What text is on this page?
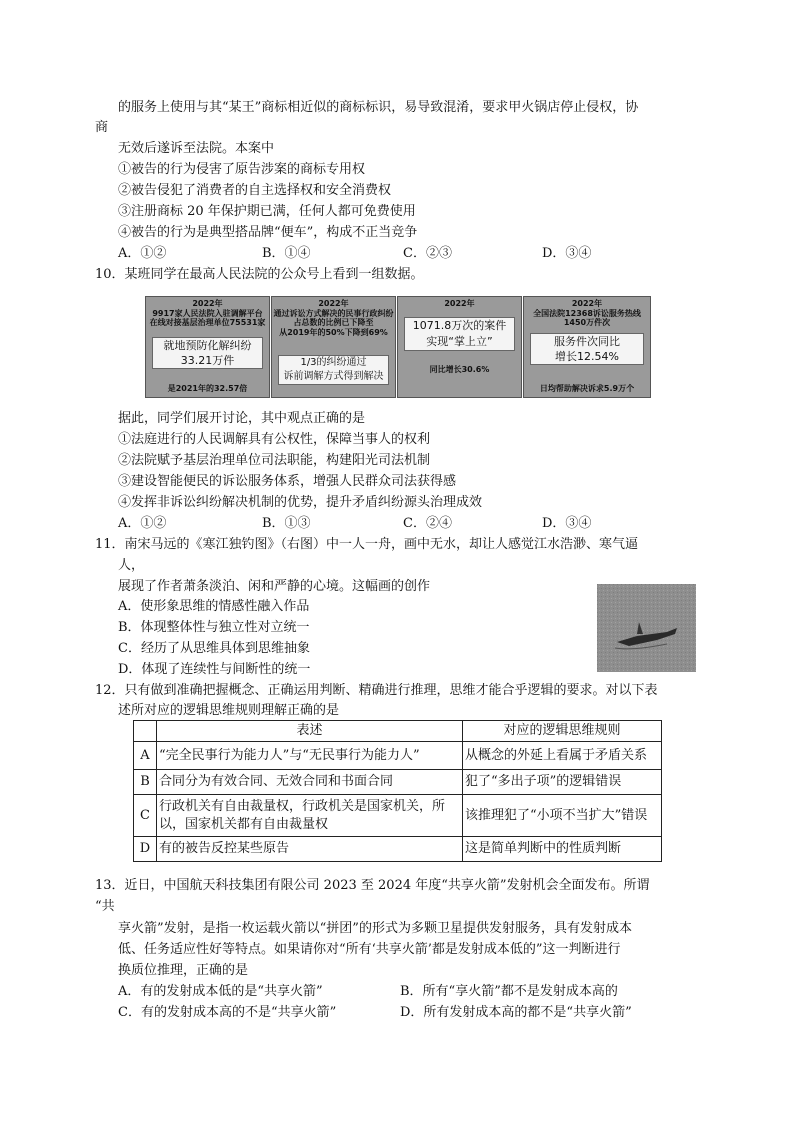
的服务上使用与其“某王”商标相近似的商标标识，易导致混淆，要求甲火锅店停止侵权，协
商
无效后遂诉至法院。本案中
①被告的行为侵害了原告涉案的商标专用权
②被告侵犯了消费者的自主选择权和安全消费权
③注册商标 20 年保护期已满，任何人都可免费使用
④被告的行为是典型搭品牌“便车”，构成不正当竞争
A．①②	B．①④	C．②③	D．③④
10．某班同学在最高人民法院的公众号上看到一组数据。
2022年
9917家人民法院入驻调解平台
在线对接基层治理单位75531家
就地预防化解纠纷
33.21万件
是2021年的32.57倍
2022年
通过诉讼方式解决的民事行政纠纷
占总数的比例已下降至
从2019年的50%下降到69%
1/3的纠纷通过
诉前调解方式得到解决
2022年
1071.8万次的案件
实现“掌上立”
同比增长30.6%
2022年
全国法院12368诉讼服务热线
1450万件次
服务件次同比
增长12.54%
日均帮助解决诉求5.9万个
据此，同学们展开讨论，其中观点正确的是
①法庭进行的人民调解具有公权性，保障当事人的权利
②法院赋予基层治理单位司法职能，构建阳光司法机制
③建设智能便民的诉讼服务体系，增强人民群众司法获得感
④发挥非诉讼纠纷解决机制的优势，提升矛盾纠纷源头治理成效
A．①②	B．①③	C．②④	D．③④
11．南宋马远的《寒江独钓图》（右图）中一人一舟，画中无水，却让人感觉江水浩渺、寒气逼
人，
展现了作者萧条淡泊、闲和严静的心境。这幅画的创作
A．使形象思维的情感性融入作品
B．体现整体性与独立性对立统一
C．经历了从思维具体到思维抽象
D．体现了连续性与间断性的统一
12．只有做到准确把握概念、正确运用判断、精确进行推理，思维才能合乎逻辑的要求。对以下表
述所对应的逻辑思维规则理解正确的是
	表述	对应的逻辑思维规则
A	“完全民事行为能力人”与“无民事行为能力人”	从概念的外延上看属于矛盾关系
B	合同分为有效合同、无效合同和书面合同	犯了“多出子项”的逻辑错误
C	行政机关有自由裁量权，行政机关是国家机关，所以，国家机关都有自由裁量权	该推理犯了“小项不当扩大”错误
D	有的被告反控某些原告	这是简单判断中的性质判断
13．近日，中国航天科技集团有限公司 2023 至 2024 年度“共享火箭”发射机会全面发布。所谓
“共
享火箭”发射，是指一枚运载火箭以“拼团”的形式为多颗卫星提供发射服务，具有发射成本
低、任务适应性好等特点。如果请你对“所有‘共享火箭’都是发射成本低的”这一判断进行
换质位推理，正确的是
A．有的发射成本低的是“共享火箭”	B．所有“享火箭”都不是发射成本高的
C．有的发射成本高的不是“共享火箭”	D．所有发射成本高的都不是“共享火箭”
